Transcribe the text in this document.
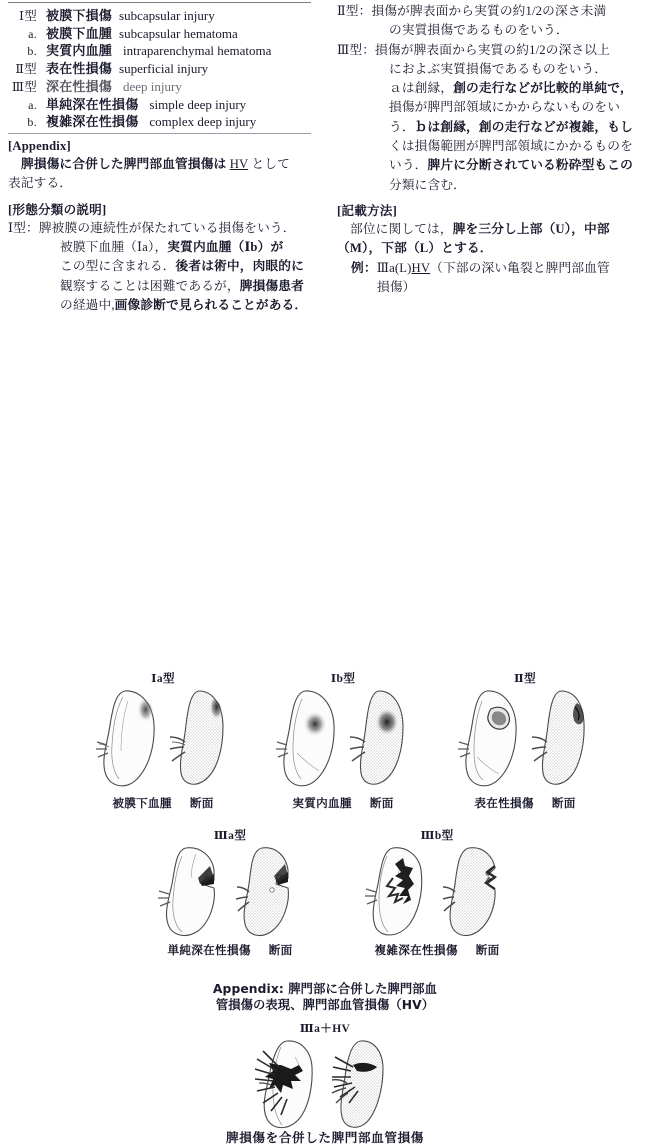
Ⅰ型 被膜下損傷 subcapsular injury
a. 被膜下血腫 subcapsular hematoma
b. 実質内血腫 intraparenchymal hematoma
Ⅱ型 表在性損傷 superficial injury
Ⅲ型 深在性損傷 deep injury
a. 単純深在性損傷 simple deep injury
b. 複雑深在性損傷 complex deep injury
[Appendix]

脾損傷に合併した脾門部血管損傷は HV として
表記する．

[形態分類の説明]

Ⅰ型：脾被膜の連続性が保たれている損傷をいう．
被膜下血腫（Ⅰa），実質内血腫（Ⅰb）が
この型に含まれる．後者は術中，肉眼的に
観察することは困難であるが，脾損傷患者
の経過中,画像診断で見られることがある．

Ⅱ型：損傷が脾表面から実質の約1/2の深さ未満
の実質損傷であるものをいう．

Ⅲ型：損傷が脾表面から実質の約1/2の深さ以上
におよぶ実質損傷であるものをいう．
ａは創縁，創の走行などが比較的単純で，
損傷が脾門部領域にかからないものをい
う．ｂは創縁，創の走行などが複雑，もし
くは損傷範囲が脾門部領域にかかるものを
いう．脾片に分断されている粉砕型もこの
分類に含む．

[記載方法]

部位に関しては，脾を三分し上部（U），中部
（M），下部（L）とする．

例：Ⅲa(L)HV（下部の深い亀裂と脾門部血管
損傷）

Ⅰa型
被膜下血腫 断面
Ⅰb型
実質内血腫 断面
Ⅱ型
表在性損傷 断面
Ⅲa型
単純深在性損傷 断面
Ⅲb型
複雑深在性損傷 断面
Appendix: 脾門部に合併した脾門部血
管損傷の表現、脾門部血管損傷（HV）
Ⅲa＋HV
脾損傷を合併した脾門部血管損傷
